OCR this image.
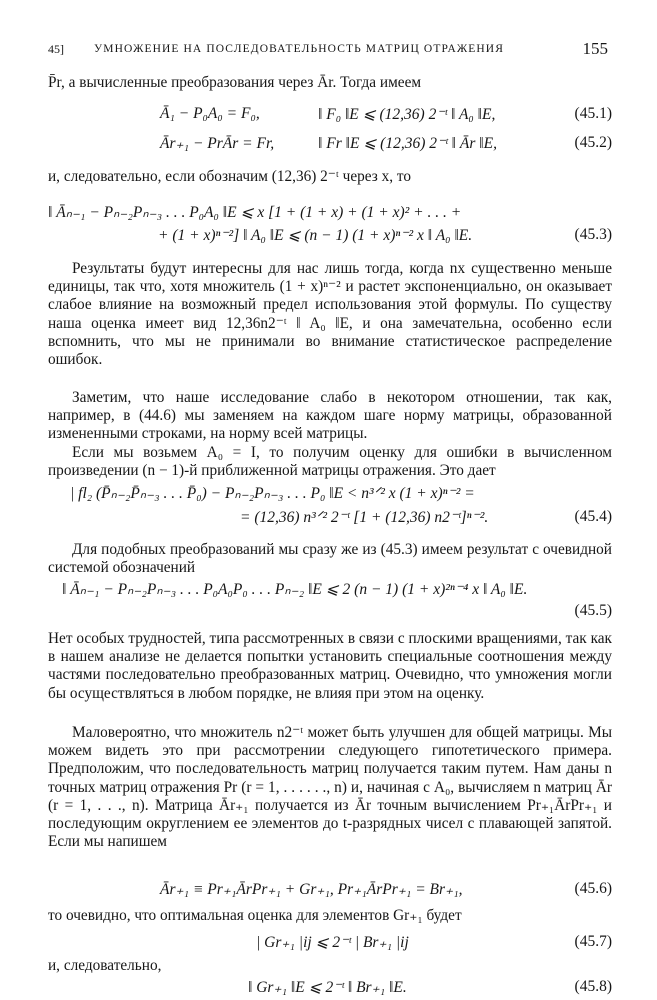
45]	УМНОЖЕНИЕ НА ПОСЛЕДОВАТЕЛЬНОСТЬ МАТРИЦ ОТРАЖЕНИЯ	155

P̄r, а вычисленные преобразования через Ār. Тогда имеем

Ā₁ − P₀A₀ = F₀,	‖ F₀ ‖E ⩽ (12,36) 2⁻ᵗ ‖ A₀ ‖E,	(45.1)
Ār₊₁ − PrĀr = Fr,	‖ Fr ‖E ⩽ (12,36) 2⁻ᵗ ‖ Ār ‖E,	(45.2)

и, следовательно, если обозначим (12,36) 2⁻ᵗ через x, то

‖ Āₙ₋₁ − Pₙ₋₂Pₙ₋₃ . . . P₀A₀ ‖E ⩽ x [1 + (1 + x) + (1 + x)² + . . . +
+ (1 + x)ⁿ⁻²] ‖ A₀ ‖E ⩽ (n − 1) (1 + x)ⁿ⁻² x ‖ A₀ ‖E.	(45.3)

Результаты будут интересны для нас лишь тогда, когда nx существенно меньше единицы, так что, хотя множитель (1 + x)ⁿ⁻² и растет экспоненциально, он оказывает слабое влияние на возможный предел использования этой формулы. По существу наша оценка имеет вид 12,36n2⁻ᵗ ‖ A₀ ‖E, и она замечательна, особенно если вспомнить, что мы не принимали во внимание статистическое распределение ошибок.

Заметим, что наше исследование слабо в некотором отношении, так как, например, в (44.6) мы заменяем на каждом шаге норму матрицы, образованной измененными строками, на норму всей матрицы.

Если мы возьмем A₀ = I, то получим оценку для ошибки в вычисленном произведении (n − 1)-й приближенной матрицы отражения. Это дает

| fl₂ (P̄ₙ₋₂P̄ₙ₋₃ . . . P̄₀) − Pₙ₋₂Pₙ₋₃ . . . P₀ ‖E < n³ᐟ² x (1 + x)ⁿ⁻² =
= (12,36) n³ᐟ² 2⁻ᵗ [1 + (12,36) n2⁻ᵗ]ⁿ⁻².	(45.4)

Для подобных преобразований мы сразу же из (45.3) имеем результат с очевидной системой обозначений

‖ Āₙ₋₁ − Pₙ₋₂Pₙ₋₃ . . . P₀A₀P₀ . . . Pₙ₋₂ ‖E ⩽ 2 (n − 1) (1 + x)²ⁿ⁻⁴ x ‖ A₀ ‖E.
(45.5)

Нет особых трудностей, типа рассмотренных в связи с плоскими вращениями, так как в нашем анализе не делается попытки установить специальные соотношения между частями последовательно преобразованных матриц. Очевидно, что умножения могли бы осуществляться в любом порядке, не влияя при этом на оценку.

Маловероятно, что множитель n2⁻ᵗ может быть улучшен для общей матрицы. Мы можем видеть это при рассмотрении следующего гипотетического примера. Предположим, что последовательность матриц получается таким путем. Нам даны n точных матриц отражения Pr (r = 1, . . . . . ., n) и, начиная с A₀, вычисляем n матриц Ār (r = 1, . . ., n). Матрица Ār₊₁ получается из Ār точным вычислением Pr₊₁ĀrPr₊₁ и последующим округлением ее элементов до t-разрядных чисел с плавающей запятой. Если мы напишем

Ār₊₁ ≡ Pr₊₁ĀrPr₊₁ + Gr₊₁, Pr₊₁ĀrPr₊₁ = Br₊₁,	(45.6)

то очевидно, что оптимальная оценка для элементов Gr₊₁ будет

| Gr₊₁ |ij ⩽ 2⁻ᵗ | Br₊₁ |ij	(45.7)

и, следовательно,

‖ Gr₊₁ ‖E ⩽ 2⁻ᵗ ‖ Br₊₁ ‖E.	(45.8)
